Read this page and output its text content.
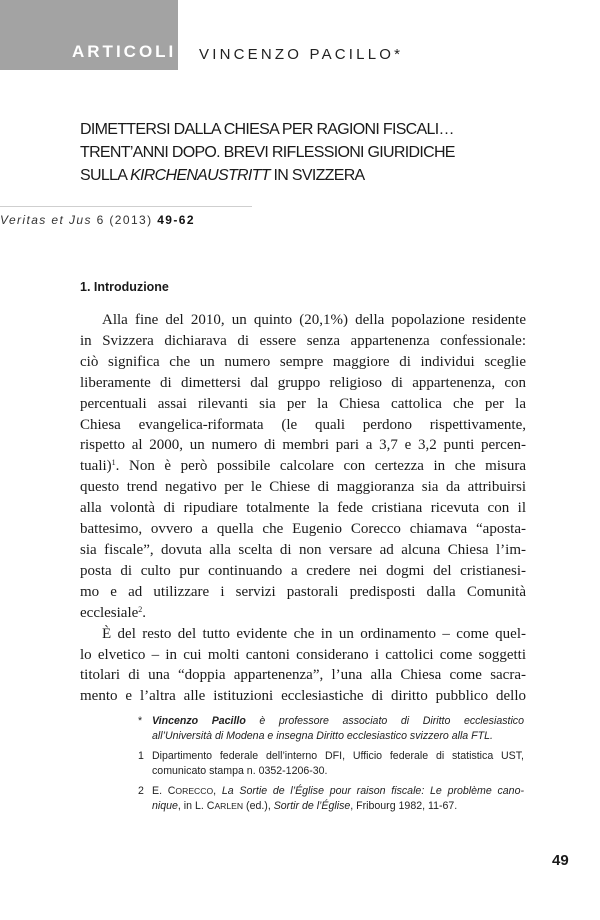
ARTICOLI VINCENZO PACILLO*
DIMETTERSI DALLA CHIESA PER RAGIONI FISCALI…
TRENT’ANNI DOPO. BREVI RIFLESSIONI GIURIDICHE
SULLA KIRCHENAUSTRITT IN SVIZZERA
Veritas et Jus 6 (2013) 49-62
1. Introduzione
Alla fine del 2010, un quinto (20,1%) della popolazione residente
in Svizzera dichiarava di essere senza appartenenza confessionale:
ciò significa che un numero sempre maggiore di individui sceglie
liberamente di dimettersi dal gruppo religioso di appartenenza, con
percentuali assai rilevanti sia per la Chiesa cattolica che per la
Chiesa evangelica-riformata (le quali perdono rispettivamente,
rispetto al 2000, un numero di membri pari a 3,7 e 3,2 punti percen-
tuali)$^1$. Non è però possibile calcolare con certezza in che misura
questo trend negativo per le Chiese di maggioranza sia da attribuirsi
alla volontà di ripudiare totalmente la fede cristiana ricevuta con il
battesimo, ovvero a quella che Eugenio Corecco chiamava “aposta-
sia fiscale”, dovuta alla scelta di non versare ad alcuna Chiesa l’im-
posta di culto pur continuando a credere nei dogmi del cristianesi-
mo e ad utilizzare i servizi pastorali predisposti dalla Comunità
ecclesiale$^2$.
È del resto del tutto evidente che in un ordinamento – come quel-
lo elvetico – in cui molti cantoni considerano i cattolici come soggetti
titolari di una “doppia appartenenza”, l’una alla Chiesa come sacra-
mento e l’altra alle istituzioni ecclesiastiche di diritto pubblico dello
* Vincenzo Pacillo è professore associato di Diritto ecclesiastico
all’Università di Modena e insegna Diritto ecclesiastico svizzero alla FTL.
1 Dipartimento federale dell’interno DFI, Ufficio federale di statistica UST,
comunicato stampa n. 0352-1206-30.
2 E. CORECCO, La Sortie de l’Église pour raison fiscale: Le problème cano-
nique, in L. CARLEN (ed.), Sortir de l’Église, Fribourg 1982, 11-67.
49
